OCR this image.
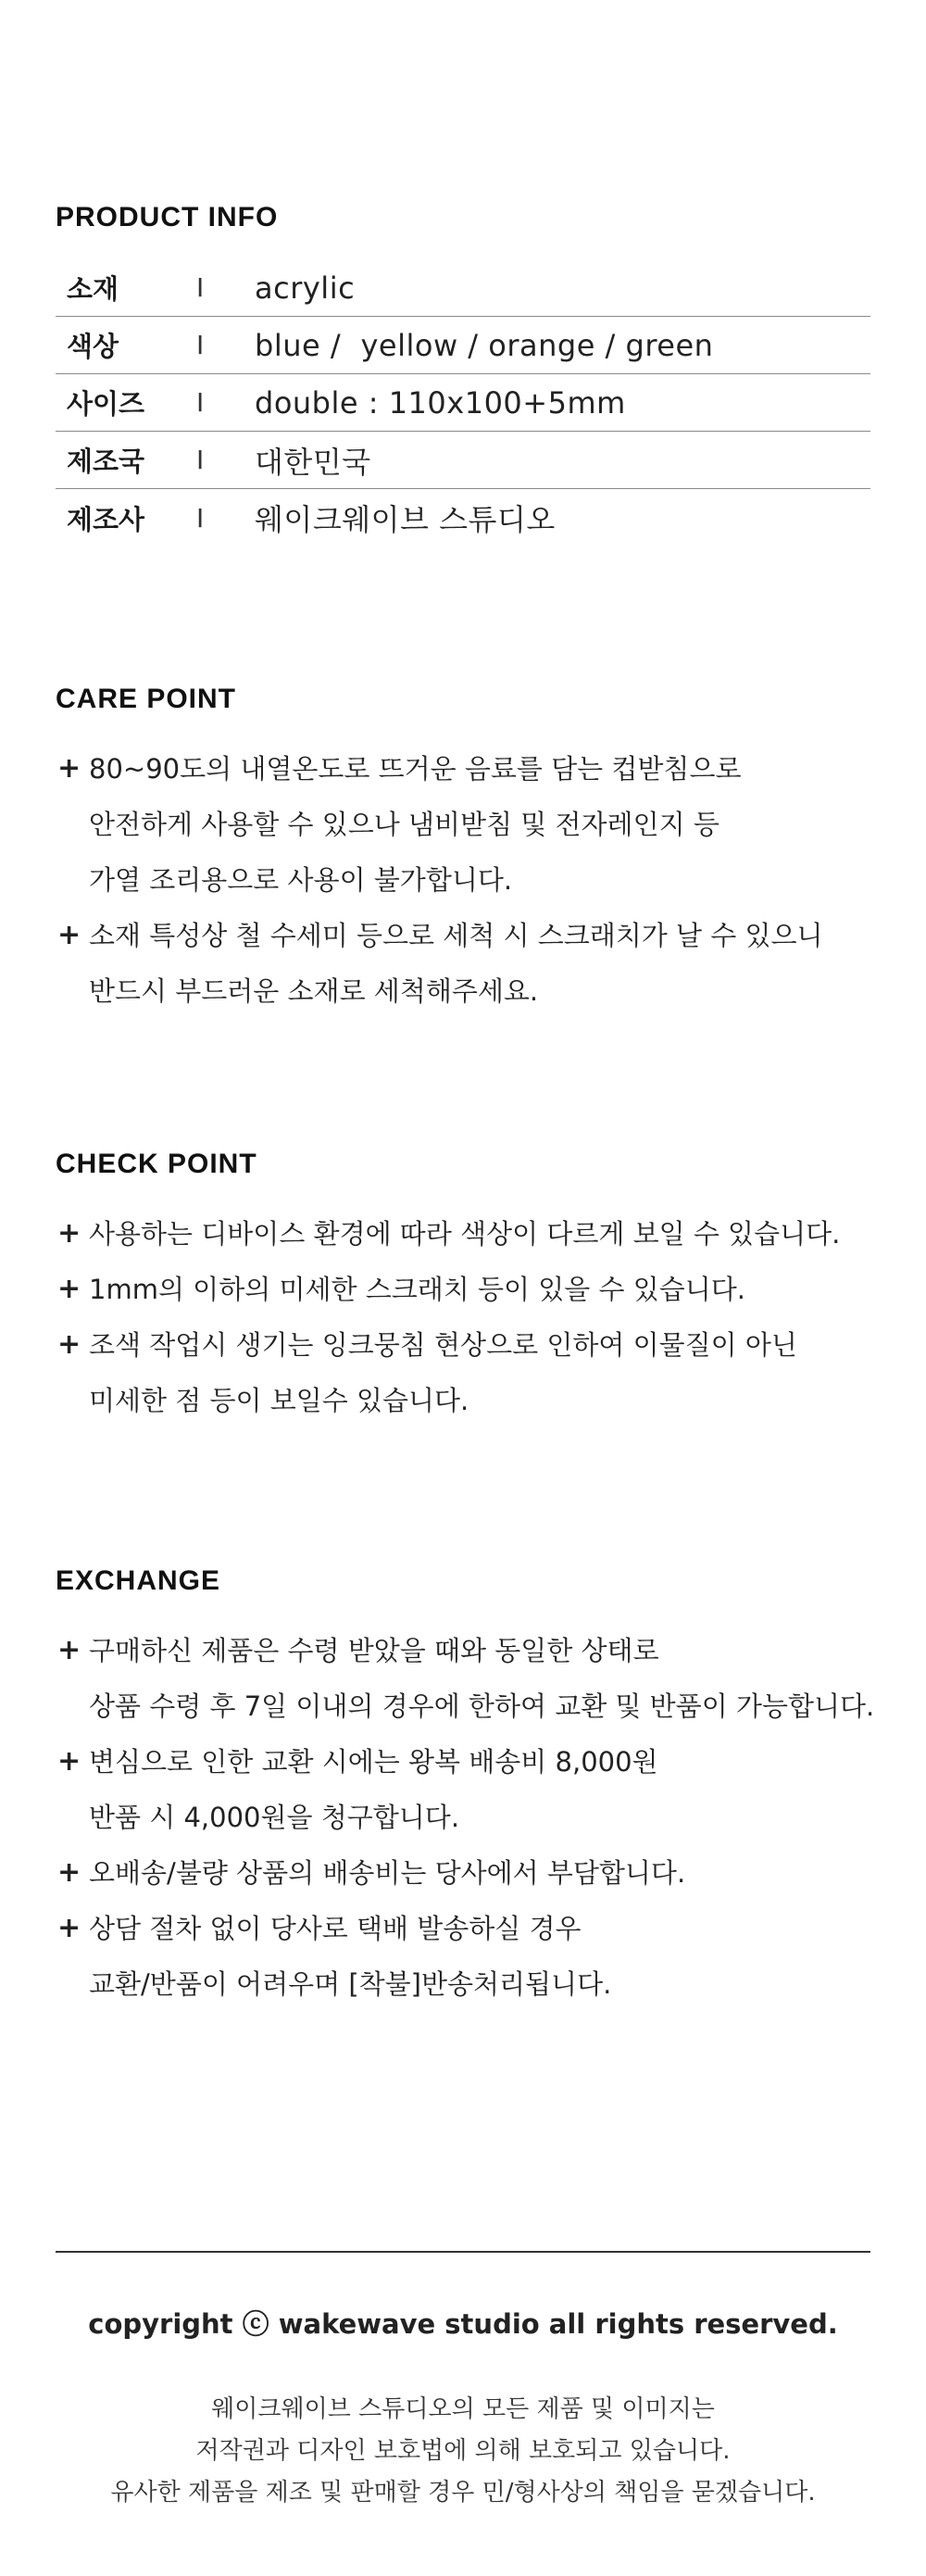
PRODUCT INFO
소재	I	acrylic
색상	I	blue /  yellow / orange / green
사이즈	I	double : 110x100+5mm
제조국	I	대한민국
제조사	I	웨이크웨이브 스튜디오
CARE POINT
+ 80~90도의 내열온도로 뜨거운 음료를 담는 컵받침으로
안전하게 사용할 수 있으나 냄비받침 및 전자레인지 등
가열 조리용으로 사용이 불가합니다.
+ 소재 특성상 철 수세미 등으로 세척 시 스크래치가 날 수 있으니
반드시 부드러운 소재로 세척해주세요.
CHECK POINT
+ 사용하는 디바이스 환경에 따라 색상이 다르게 보일 수 있습니다.
+ 1mm의 이하의 미세한 스크래치 등이 있을 수 있습니다.
+ 조색 작업시 생기는 잉크뭉침 현상으로 인하여 이물질이 아닌
미세한 점 등이 보일수 있습니다.
EXCHANGE
+ 구매하신 제품은 수령 받았을 때와 동일한 상태로
상품 수령 후 7일 이내의 경우에 한하여 교환 및 반품이 가능합니다.
+ 변심으로 인한 교환 시에는 왕복 배송비 8,000원
반품 시 4,000원을 청구합니다.
+ 오배송/불량 상품의 배송비는 당사에서 부담합니다.
+ 상담 절차 없이 당사로 택배 발송하실 경우
교환/반품이 어려우며 [착불]반송처리됩니다.
copyright ⓒ wakewave studio all rights reserved.
웨이크웨이브 스튜디오의 모든 제품 및 이미지는
저작권과 디자인 보호법에 의해 보호되고 있습니다.
유사한 제품을 제조 및 판매할 경우 민/형사상의 책임을 묻겠습니다.
